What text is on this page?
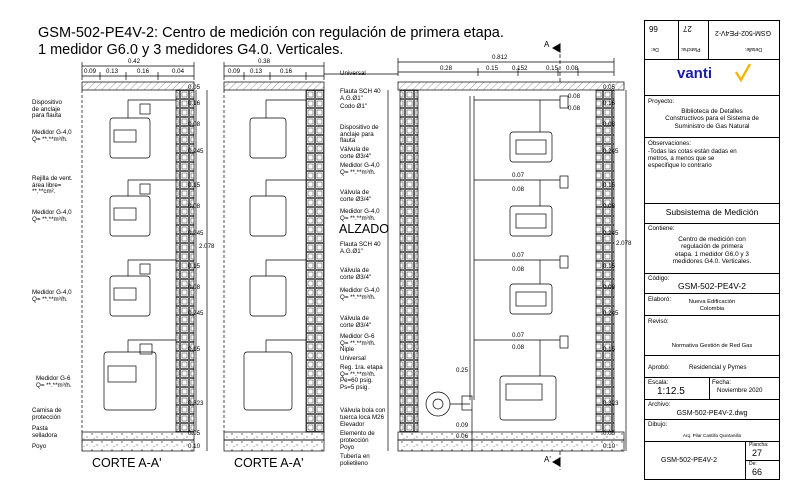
GSM-502-PE4V-2: Centro de medición con regulación de primera etapa.
1 medidor G6.0 y 3 medidores G4.0. Verticales.
CORTE A-A'	CORTE A-A'
ALZADO
A
A'
0.42
0.09 0.13	0.16	0.04
0.38
0.09 0.13	0.16
0.812
0.28	0.15 0.152	0.15 0.08
0.05
0.16
0.08
0.245
0.15
0.08
0.245
0.15
0.08
0.245
0.15
0.323
0.05
0.10
2.078
0.05
0.16
0.08
0.245
0.15
0.08
0.245
0.15
0.08
0.245
0.15
0.323
0.05
0.10
2.078
0.08
0.08
0.07
0.08
0.07
0.08
0.07
0.08
0.25
0.09
0.06
Dispositivo
de anclaje
para flauta
Medidor G-4,0
Q= **.**m³/h.
Rejilla de vent.
área libre=
**.**cm².
Medidor G-4,0
Q= **.**m³/h.
Medidor G-4,0
Q= **.**m³/h.
Medidor G-6
Q= **.**m³/h.
Camisa de
protección
Pasta
selladora
Poyo
Universal
Flauta SCH 40
A.G.Ø1"
Codo Ø1"
Dispositivo de
anclaje para
flauta
Válvula de
corte Ø3/4"
Medidor G-4,0
Q= **.**m³/h.
Válvula de
corte Ø3/4"
Medidor G-4,0
Q= **.**m³/h.
Flauta SCH 40
A.G.Ø1"
Válvula de
corte Ø3/4"
Medidor G-4,0
Q= **.**m³/h.
Válvula de
corte Ø3/4"
Medidor G-6
Q= **.**m³/h.
Niple
Universal
Reg. 1ra. etapa
Q= **.**m³/h.
Pe=60 psig.
Ps=5 psig.
Válvula bola con
tuerca loca M26
Elevador
Elemento de
protección
Poyo
Tubería en
polietileno
66
De:
27
Plancha:
GSM-502-PE4V-2
Detalle:
vanti
Proyecto:
Biblioteca de Detalles
Constructivos para el Sistema de
Suministro de Gas Natural
Observaciones:
-Todas las cotas están dadas en
metros, a menos que se
especifique lo contrario
Subsistema de Medición
Contiene:
Centro de medición con
regulación de primera
etapa. 1 medidor G6.0 y 3
medidores G4.0. Verticales.
Código:
GSM-502-PE4V-2
Elaboró:	Nueva Edificación
Colombia
Revisó:
Normativa Gestión de Red Gas
Aprobó:	Residencial y Pymes
Escala:
1:12.5
Fecha:
Noviembre 2020
Archivo:
GSM-502-PE4V-2.dwg
Dibujo:
Arq. Pilar Castillo Quintanilla
GSM-502-PE4V-2
Plancha:
27
De:
66
